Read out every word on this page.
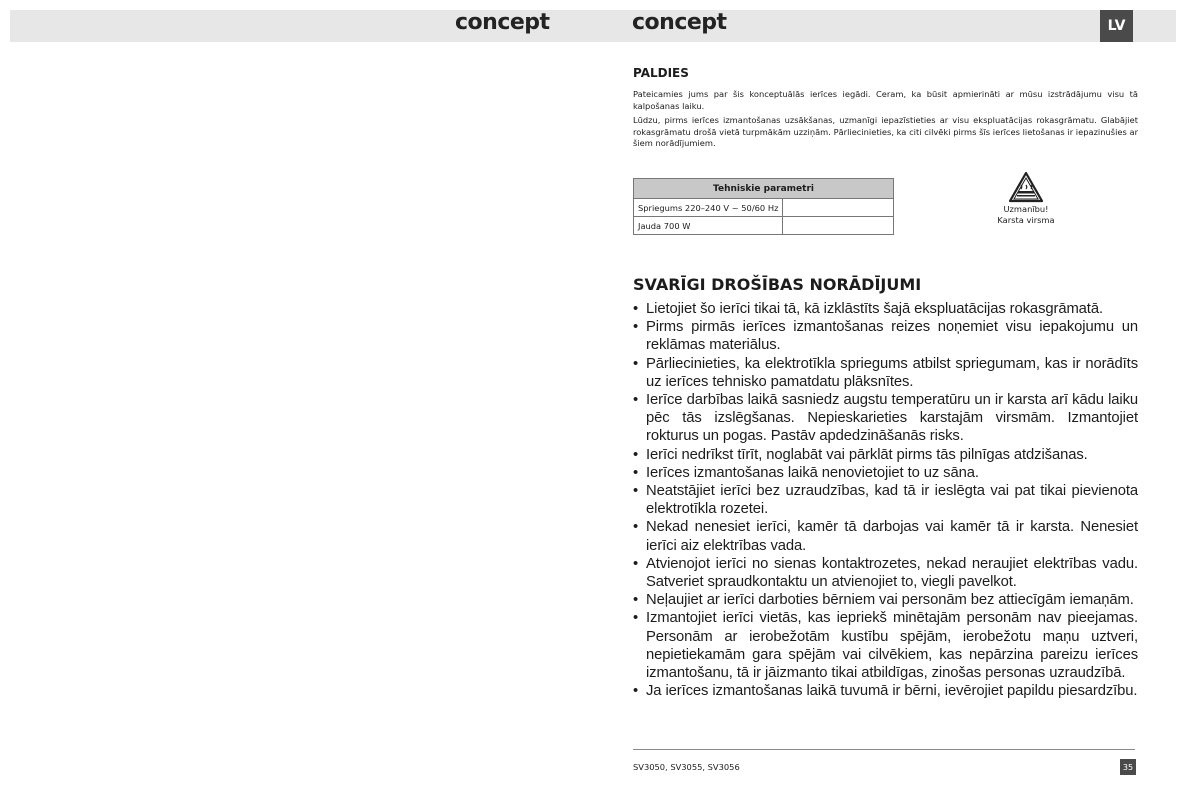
concept	concept	LV
PALDIES

Pateicamies jums par šis konceptuālās ierīces iegādi. Ceram, ka būsit apmierināti ar mūsu izstrādājumu visu tā kalpošanas laiku.

Lūdzu, pirms ierīces izmantošanas uzsākšanas, uzmanīgi iepazīstieties ar visu ekspluatācijas rokasgrāmatu. Glabājiet rokasgrāmatu drošā vietā turpmākām uzziņām. Pārliecinieties, ka citi cilvēki pirms šīs ierīces lietošanas ir iepazinušies ar šiem norādījumiem.

Tehniskie parametri	
Spriegums 220–240 V ~ 50/60 Hz	
Jauda 700 W	
Uzmanību!
Karsta virsma
SVARĪGI DROŠĪBAS NORĀDĪJUMI
• Lietojiet šo ierīci tikai tā, kā izklāstīts šajā ekspluatācijas rokasgrāmatā.
• Pirms pirmās ierīces izmantošanas reizes noņemiet visu iepakojumu un reklāmas materiālus.
• Pārliecinieties, ka elektrotīkla spriegums atbilst spriegumam, kas ir norādīts uz ierīces tehnisko pamatdatu plāksnītes.
• Ierīce darbības laikā sasniedz augstu temperatūru un ir karsta arī kādu laiku pēc tās izslēgšanas. Nepieskarieties karstajām virsmām. Izmantojiet rokturus un pogas. Pastāv apdedzināšanās risks.
• Ierīci nedrīkst tīrīt, noglabāt vai pārklāt pirms tās pilnīgas atdzišanas.
• Ierīces izmantošanas laikā nenovietojiet to uz sāna.
• Neatstājiet ierīci bez uzraudzības, kad tā ir ieslēgta vai pat tikai pievienota elektrotīkla rozetei.
• Nekad nenesiet ierīci, kamēr tā darbojas vai kamēr tā ir karsta. Nenesiet ierīci aiz elektrības vada.
• Atvienojot ierīci no sienas kontaktrozetes, nekad neraujiet elektrības vadu. Satveriet spraudkontaktu un atvienojiet to, viegli pavelkot.
• Neļaujiet ar ierīci darboties bērniem vai personām bez attiecīgām iemaņām.
• Izmantojiet ierīci vietās, kas iepriekš minētajām personām nav pieejamas. Personām ar ierobežotām kustību spējām, ierobežotu maņu uztveri, nepietiekamām gara spējām vai cilvēkiem, kas nepārzina pareizu ierīces izmantošanu, tā ir jāizmanto tikai atbildīgas, zinošas personas uzraudzībā.
• Ja ierīces izmantošanas laikā tuvumā ir bērni, ievērojiet papildu piesardzību.
SV3050, SV3055, SV3056	35
